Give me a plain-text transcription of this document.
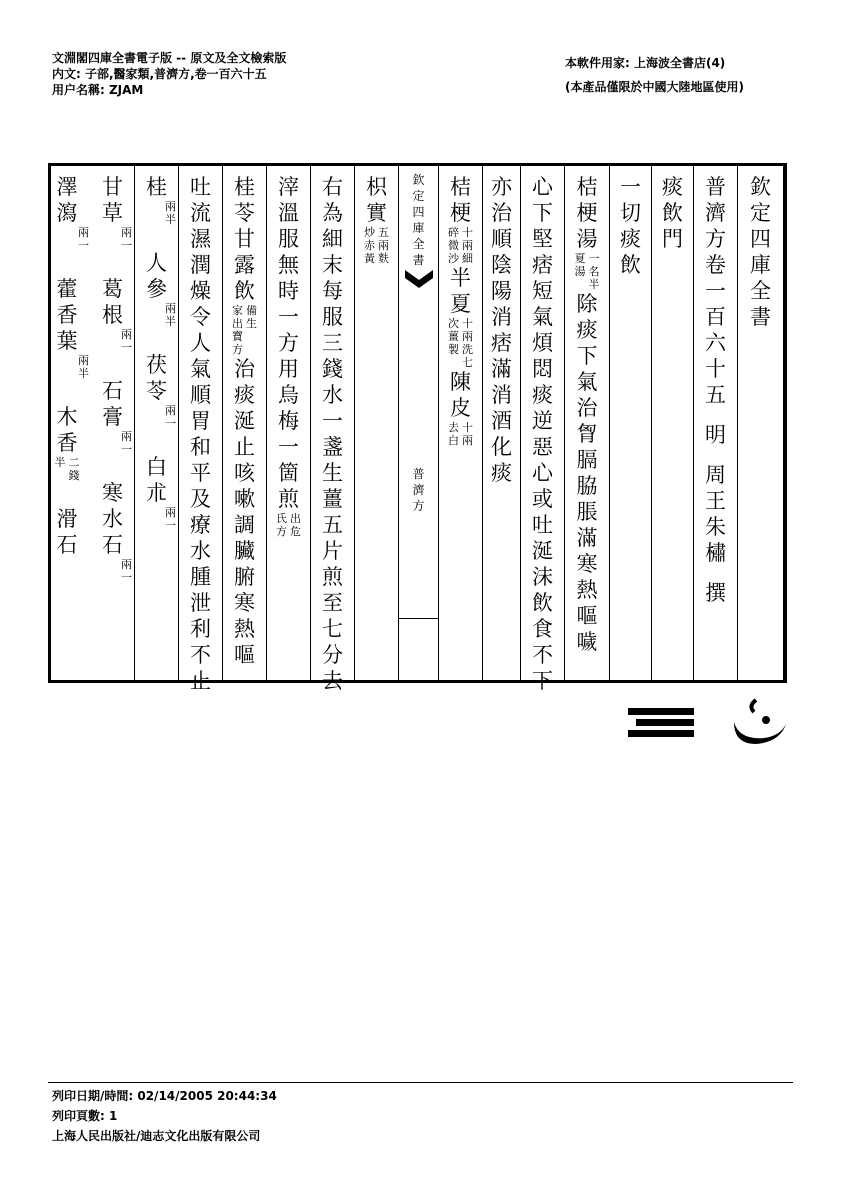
文淵閣四庫全書電子版 -- 原文及全文檢索版
内文: 子部,醫家類,普濟方,卷一百六十五
用户名稱: ZJAM
本軟件用家: 上海波全書店(4)
(本產品僅限於中國大陸地區使用)
欽
定
四
庫
全
書
普
濟
方
卷
一
百
六
十
五
明
周
王
朱
橚
撰
痰
飲
門
一
切
痰
飲
桔
梗
湯
夏
湯
一
名
半
除
痰
下
氣
治
胷
膈
脇
脹
滿
寒
熱
嘔
噦
心
下
堅
痞
短
氣
煩
悶
痰
逆
惡
心
或
吐
涎
沫
飲
食
不
下
亦
治
順
陰
陽
消
痞
滿
消
酒
化
痰
桔
梗
碎
微
沙
十
兩
細
半
夏
次
薑
製
十
兩
洗
七
陳
皮
去
白
十
兩
欽
定
四
庫
全
書
普
濟
方
枳
實
炒
赤
黃
五
兩
麩
右
為
細
末
每
服
三
錢
水
一
盞
生
薑
五
片
煎
至
七
分
去
滓
溫
服
無
時
一
方
用
烏
梅
一
箇
煎
氏
方
出
危
桂
苓
甘
露
飲
家
出
寶
方
備
生
治
痰
涎
止
咳
嗽
調
臟
腑
寒
熱
嘔
吐
流
濕
潤
燥
令
人
氣
順
胃
和
平
及
療
水
腫
泄
利
不
止
桂
兩
半
人
參
兩
半
茯
苓
兩
一
白
朮
兩
一
甘
草
兩
一
葛
根
兩
一
石
膏
兩
一
寒
水
石
兩
一
澤
瀉
兩
一
藿
香
葉
兩
半
木
香
半 二
錢
滑
石
列印日期/時間: 02/14/2005 20:44:34
列印頁數: 1
上海人民出版社/迪志文化出版有限公司
